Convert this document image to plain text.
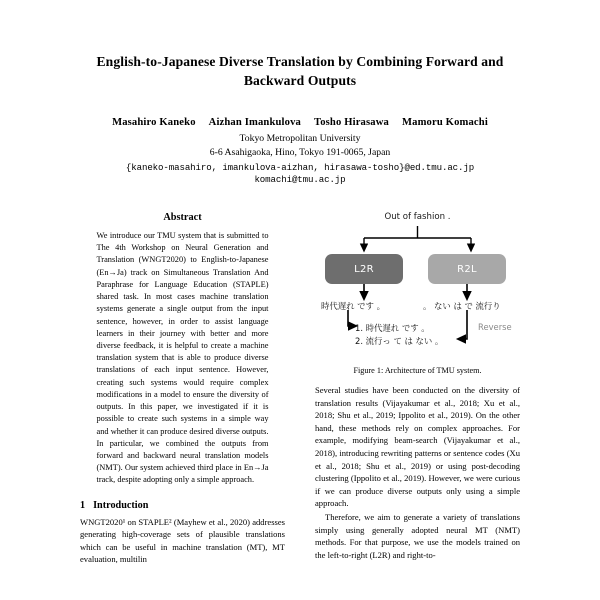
English-to-Japanese Diverse Translation by Combining Forward and Backward Outputs
Masahiro Kaneko Aizhan Imankulova Tosho Hirasawa Mamoru Komachi
Tokyo Metropolitan University
6-6 Asahigaoka, Hino, Tokyo 191-0065, Japan
{kaneko-masahiro, imankulova-aizhan, hirasawa-tosho}@ed.tmu.ac.jp
komachi@tmu.ac.jp
Abstract
We introduce our TMU system that is submitted to The 4th Workshop on Neural Generation and Translation (WNGT2020) to English-to-Japanese (En→Ja) track on Simultaneous Translation And Paraphrase for Language Education (STAPLE) shared task. In most cases machine translation systems generate a single output from the input sentence, however, in order to assist language learners in their journey with better and more diverse feedback, it is helpful to create a machine translation system that is able to produce diverse translations of each input sentence. However, creating such systems would require complex modifications in a model to ensure the diversity of outputs. In this paper, we investigated if it is possible to create such systems in a simple way and whether it can produce desired diverse outputs. In particular, we combined the outputs from forward and backward neural translation models (NMT). Our system achieved third place in En→Ja track, despite adopting only a simple approach.
1 Introduction

WNGT2020¹ on STAPLE² (Mayhew et al., 2020) addresses generating high-coverage sets of plausible translations which can be useful in machine translation (MT), MT evaluation, multilin

Out of fashion .
L2R	R2L
時代遅れ です 。	。 ない は で 流行り
1. 時代遅れ です 。
2. 流行っ て は ない 。
Reverse
Figure 1: Architecture of TMU system.

Several studies have been conducted on the diversity of translation results (Vijayakumar et al., 2018; Xu et al., 2018; Shu et al., 2019; Ippolito et al., 2019). On the other hand, these methods rely on complex approaches. For example, modifying beam-search (Vijayakumar et al., 2018), introducing rewriting patterns or sentence codes (Xu et al., 2018; Shu et al., 2019) or using post-decoding clustering (Ippolito et al., 2019). However, we were curious if we can produce diverse outputs only using a simple approach.

Therefore, we aim to generate a variety of translations simply using generally adopted neural MT (NMT) methods. For that purpose, we use the models trained on the left-to-right (L2R) and right-to-
